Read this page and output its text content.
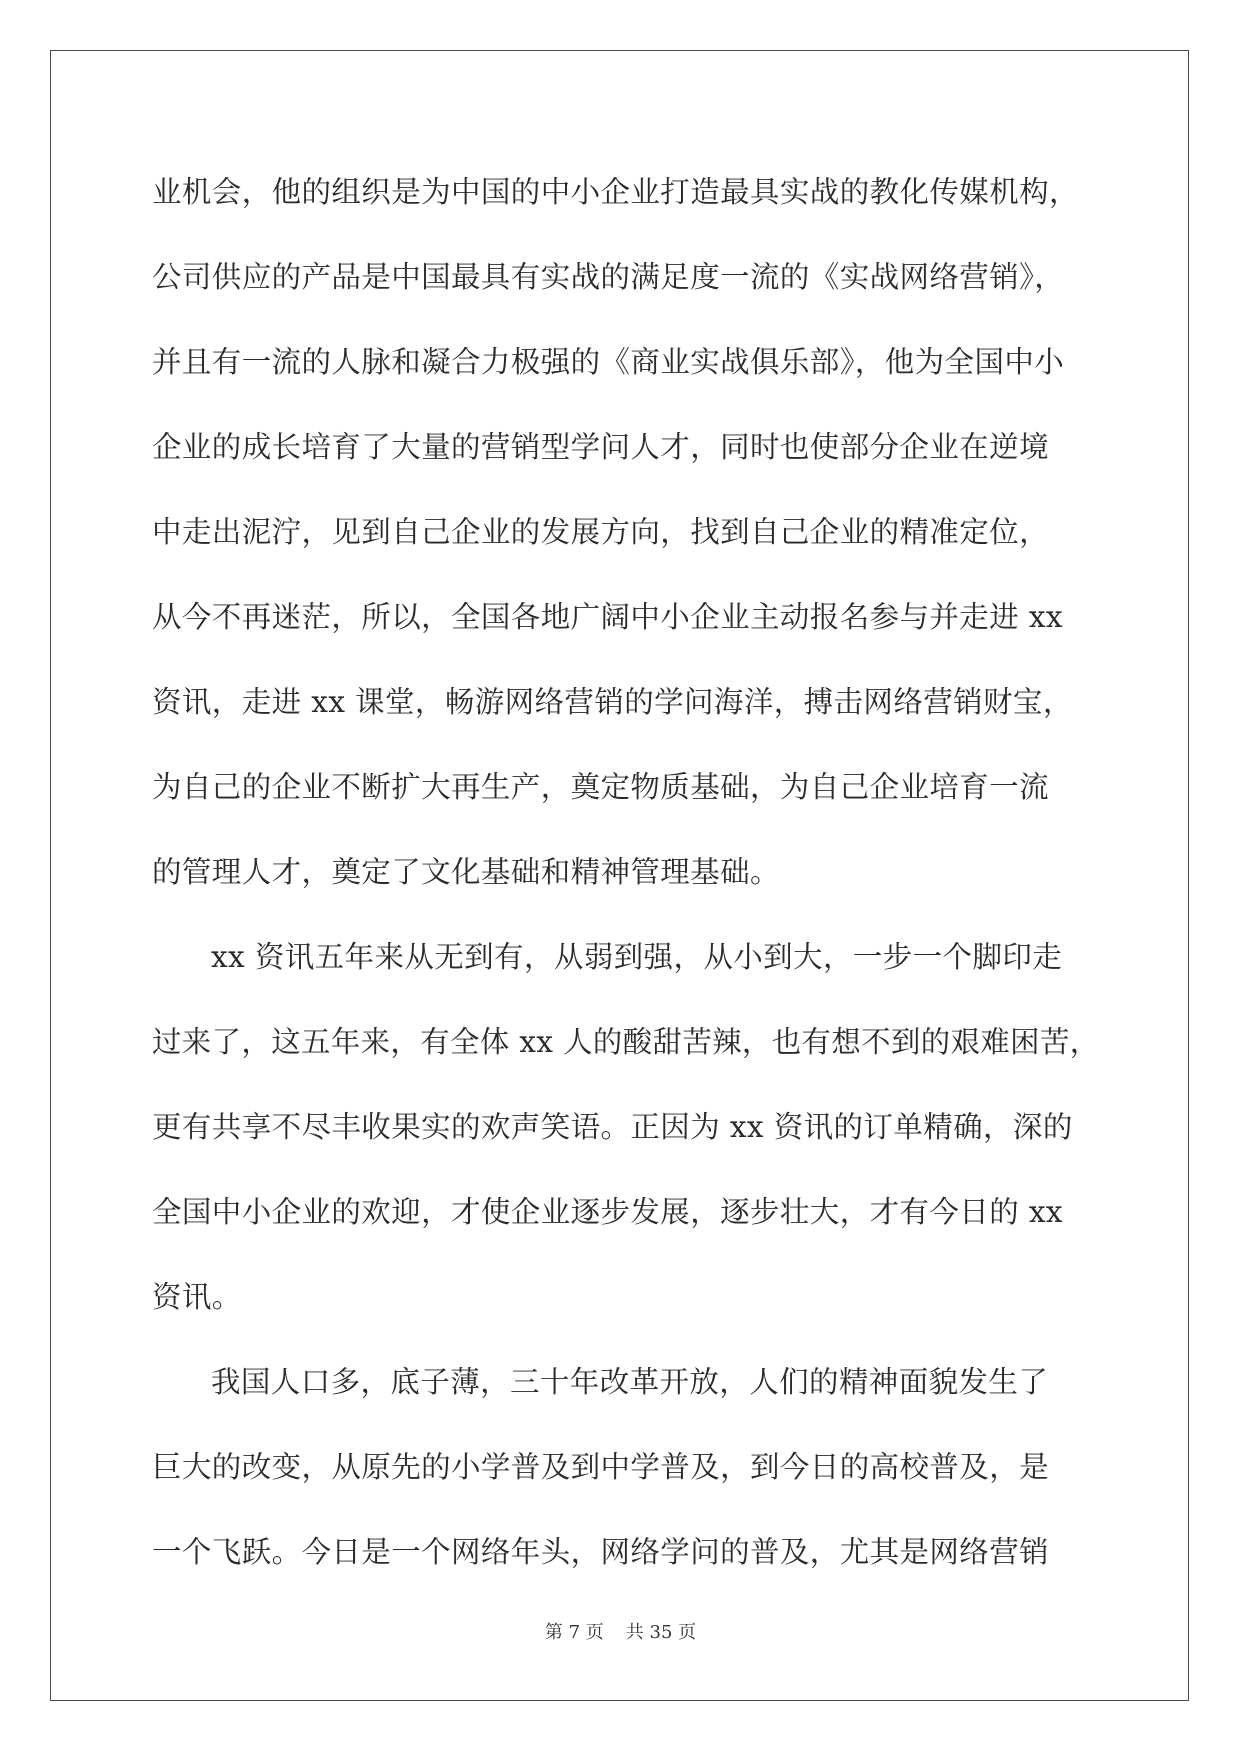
业机会，他的组织是为中国的中小企业打造最具实战的教化传媒机构，
公司供应的产品是中国最具有实战的满足度一流的《实战网络营销》，
并且有一流的人脉和凝合力极强的《商业实战俱乐部》，他为全国中小
企业的成长培育了大量的营销型学问人才，同时也使部分企业在逆境
中走出泥泞，见到自己企业的发展方向，找到自己企业的精准定位，
从今不再迷茫，所以，全国各地广阔中小企业主动报名参与并走进 xx
资讯，走进 xx 课堂，畅游网络营销的学问海洋，搏击网络营销财宝，
为自己的企业不断扩大再生产，奠定物质基础，为自己企业培育一流
的管理人才，奠定了文化基础和精神管理基础。
xx 资讯五年来从无到有，从弱到强，从小到大，一步一个脚印走
过来了，这五年来，有全体 xx 人的酸甜苦辣，也有想不到的艰难困苦，
更有共享不尽丰收果实的欢声笑语。正因为 xx 资讯的订单精确，深的
全国中小企业的欢迎，才使企业逐步发展，逐步壮大，才有今日的 xx
资讯。
我国人口多，底子薄，三十年改革开放，人们的精神面貌发生了
巨大的改变，从原先的小学普及到中学普及，到今日的高校普及，是
一个飞跃。今日是一个网络年头，网络学问的普及，尤其是网络营销
第 7 页 共 35 页
